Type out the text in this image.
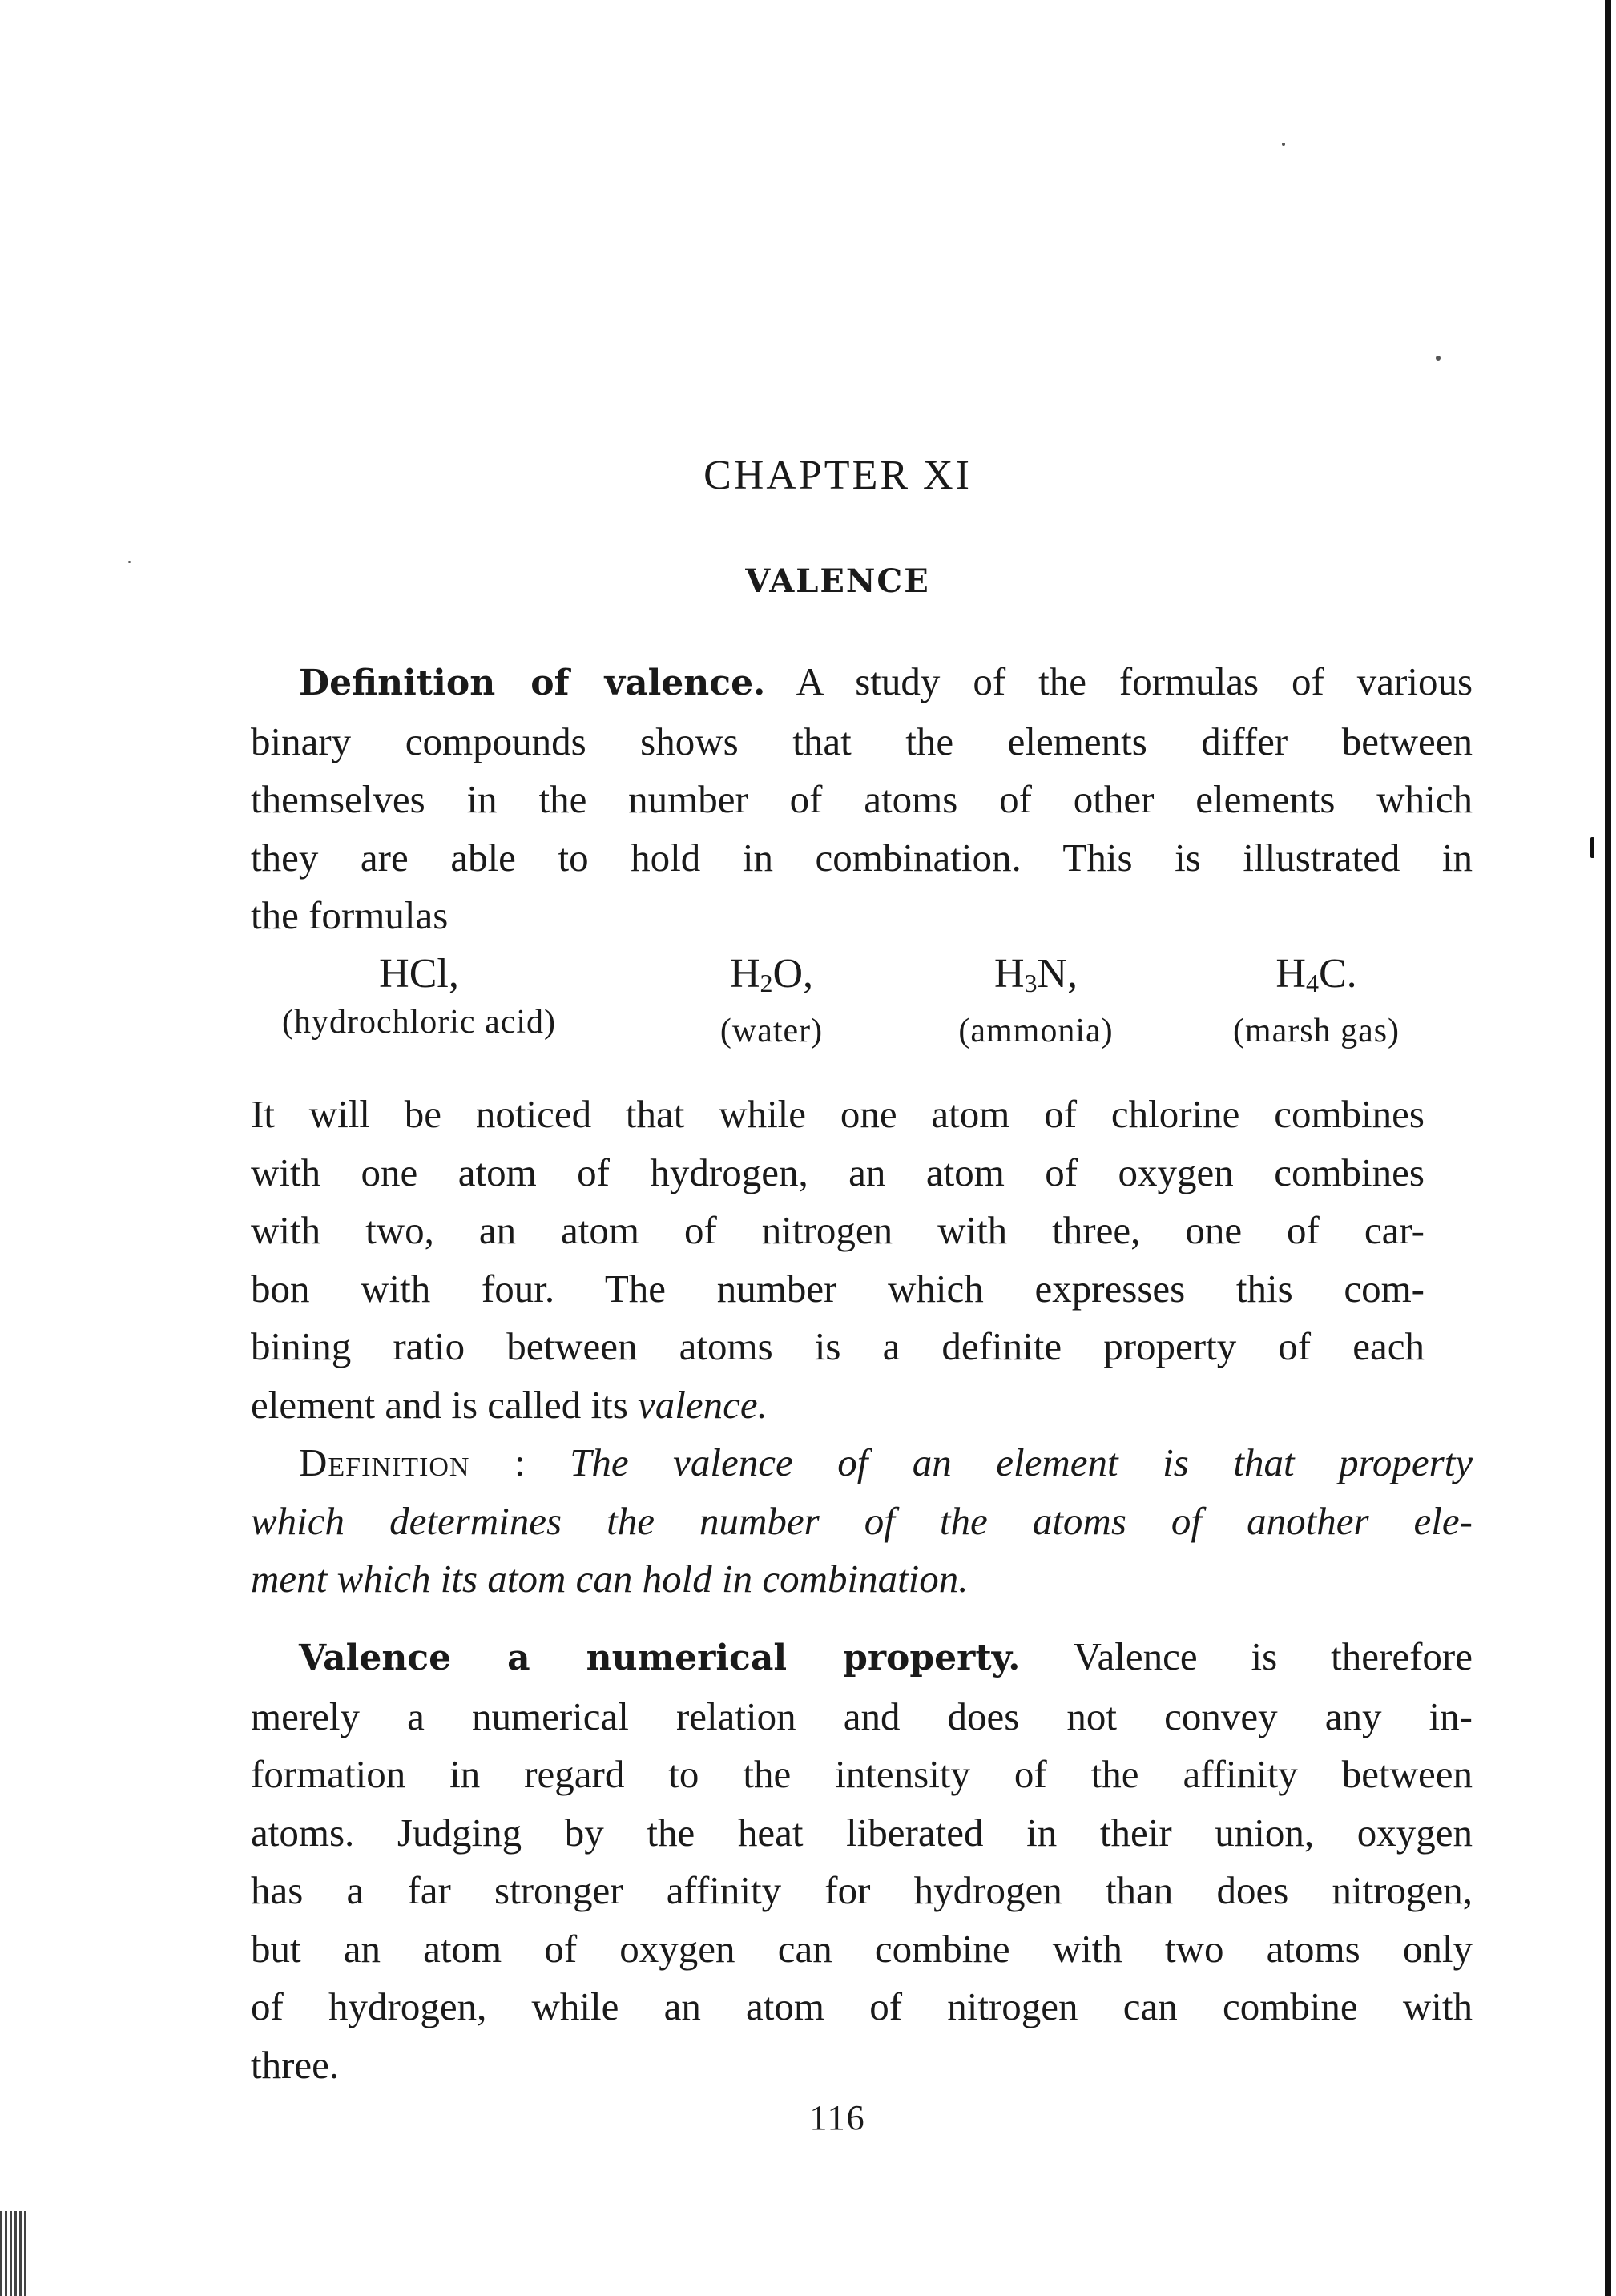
CHAPTER XI
VALENCE

Definition of valence. A study of the formulas of various
binary compounds shows that the elements differ between
themselves in the number of atoms of other elements which
they are able to hold in combination. This is illustrated in
the formulas

HCl,
(hydrochloric acid)
$H_2O$,
(water)
$H_3N$,
(ammonia)
$H_4C$.
(marsh gas)

It will be noticed that while one atom of chlorine combines
with one atom of hydrogen, an atom of oxygen combines
with two, an atom of nitrogen with three, one of car-
bon with four. The number which expresses this com-
bining ratio between atoms is a definite property of each
element and is called its valence.

Definition : The valence of an element is that property
which determines the number of the atoms of another ele-
ment which its atom can hold in combination.

Valence a numerical property. Valence is therefore
merely a numerical relation and does not convey any in-
formation in regard to the intensity of the affinity between
atoms. Judging by the heat liberated in their union, oxygen
has a far stronger affinity for hydrogen than does nitrogen,
but an atom of oxygen can combine with two atoms only
of hydrogen, while an atom of nitrogen can combine with
three.

116
